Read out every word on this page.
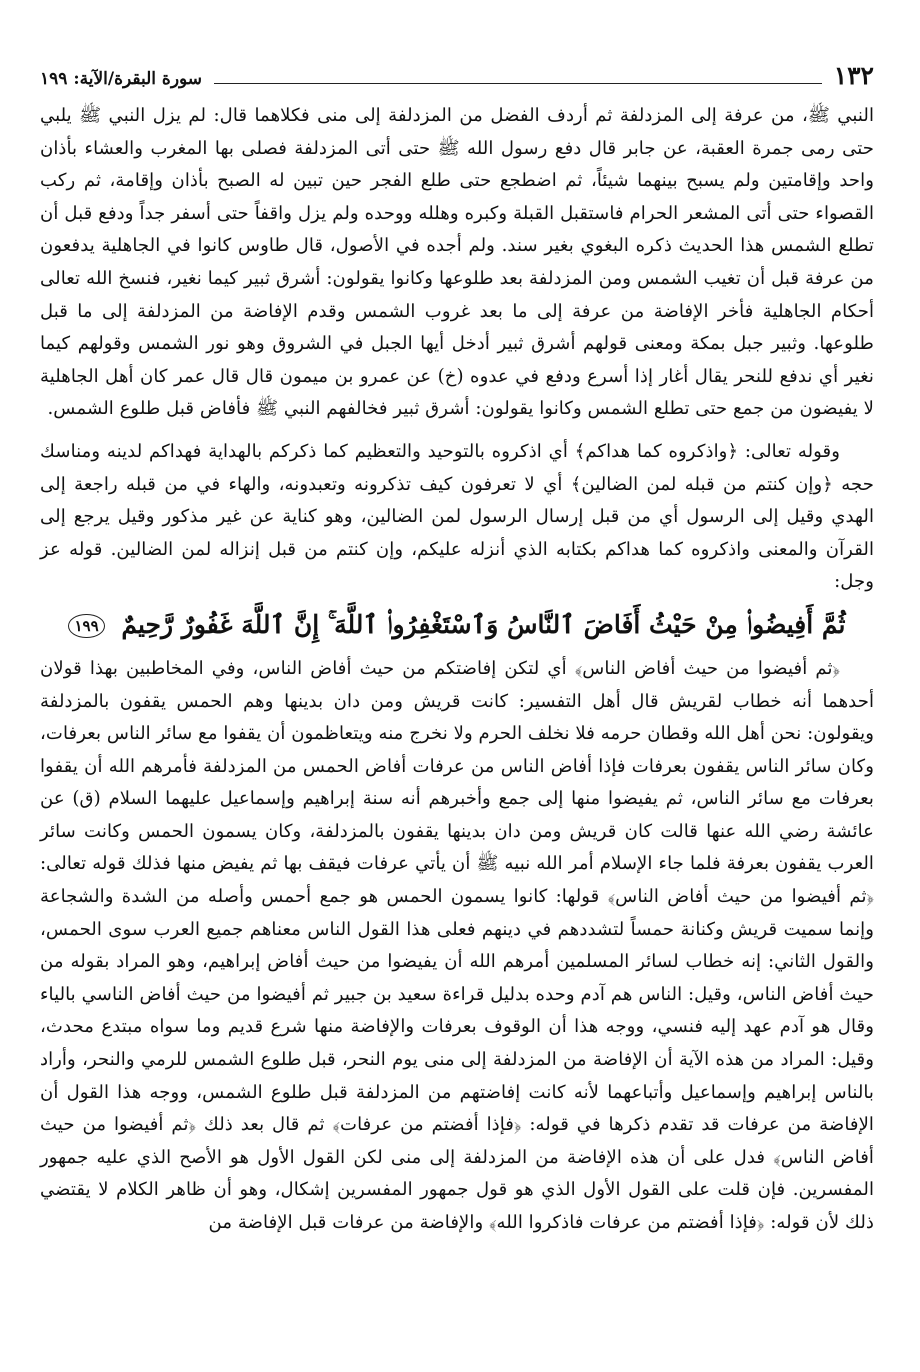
١٣٢
سورة البقرة/الآية: ١٩٩

النبي ﷺ، من عرفة إلى المزدلفة ثم أردف الفضل من المزدلفة إلى منى فكلاهما قال: لم يزل النبي ﷺ يلبي حتى رمى جمرة العقبة، عن جابر قال دفع رسول الله ﷺ حتى أتى المزدلفة فصلى بها المغرب والعشاء بأذان واحد وإقامتين ولم يسبح بينهما شيئاً، ثم اضطجع حتى طلع الفجر حين تبين له الصبح بأذان وإقامة، ثم ركب القصواء حتى أتى المشعر الحرام فاستقبل القبلة وكبره وهلله ووحده ولم يزل واقفاً حتى أسفر جداً ودفع قبل أن تطلع الشمس هذا الحديث ذكره البغوي بغير سند. ولم أجده في الأصول، قال طاوس كانوا في الجاهلية يدفعون من عرفة قبل أن تغيب الشمس ومن المزدلفة بعد طلوعها وكانوا يقولون: أشرق ثبير كيما نغير، فنسخ الله تعالى أحكام الجاهلية فأخر الإفاضة من عرفة إلى ما بعد غروب الشمس وقدم الإفاضة من المزدلفة إلى ما قبل طلوعها. وثبير جبل بمكة ومعنى قولهم أشرق ثبير أدخل أيها الجبل في الشروق وهو نور الشمس وقولهم كيما نغير أي ندفع للنحر يقال أغار إذا أسرع ودفع في عدوه (خ) عن عمرو بن ميمون قال قال عمر كان أهل الجاهلية لا يفيضون من جمع حتى تطلع الشمس وكانوا يقولون: أشرق ثبير فخالفهم النبي ﷺ فأفاض قبل طلوع الشمس.

وقوله تعالى: ﴿واذكروه كما هداكم﴾ أي اذكروه بالتوحيد والتعظيم كما ذكركم بالهداية فهداكم لدينه ومناسك حجه ﴿وإن كنتم من قبله لمن الضالين﴾ أي لا تعرفون كيف تذكرونه وتعبدونه، والهاء في من قبله راجعة إلى الهدي وقيل إلى الرسول أي من قبل إرسال الرسول لمن الضالين، وهو كناية عن غير مذكور وقيل يرجع إلى القرآن والمعنى واذكروه كما هداكم بكتابه الذي أنزله عليكم، وإن كنتم من قبل إنزاله لمن الضالين. قوله عز وجل:

ثُمَّ أَفِيضُوا۟ مِنْ حَيْثُ أَفَاضَ ٱلنَّاسُ وَٱسْتَغْفِرُوا۟ ٱللَّهَ ۚ إِنَّ ٱللَّهَ غَفُورٌ رَّحِيمٌ ١٩٩

﴿ثم أفيضوا من حيث أفاض الناس﴾ أي لتكن إفاضتكم من حيث أفاض الناس، وفي المخاطبين بهذا قولان أحدهما أنه خطاب لقريش قال أهل التفسير: كانت قريش ومن دان بدينها وهم الحمس يقفون بالمزدلفة ويقولون: نحن أهل الله وقطان حرمه فلا نخلف الحرم ولا نخرج منه ويتعاظمون أن يقفوا مع سائر الناس بعرفات، وكان سائر الناس يقفون بعرفات فإذا أفاض الناس من عرفات أفاض الحمس من المزدلفة فأمرهم الله أن يقفوا بعرفات مع سائر الناس، ثم يفيضوا منها إلى جمع وأخبرهم أنه سنة إبراهيم وإسماعيل عليهما السلام (ق) عن عائشة رضي الله عنها قالت كان قريش ومن دان بدينها يقفون بالمزدلفة، وكان يسمون الحمس وكانت سائر العرب يقفون بعرفة فلما جاء الإسلام أمر الله نبيه ﷺ أن يأتي عرفات فيقف بها ثم يفيض منها فذلك قوله تعالى: ﴿ثم أفيضوا من حيث أفاض الناس﴾ قولها: كانوا يسمون الحمس هو جمع أحمس وأصله من الشدة والشجاعة وإنما سميت قريش وكنانة حمساً لتشددهم في دينهم فعلى هذا القول الناس معناهم جميع العرب سوى الحمس، والقول الثاني: إنه خطاب لسائر المسلمين أمرهم الله أن يفيضوا من حيث أفاض إبراهيم، وهو المراد بقوله من حيث أفاض الناس، وقيل: الناس هم آدم وحده بدليل قراءة سعيد بن جبير ثم أفيضوا من حيث أفاض الناسي بالياء وقال هو آدم عهد إليه فنسي، ووجه هذا أن الوقوف بعرفات والإفاضة منها شرع قديم وما سواه مبتدع محدث، وقيل: المراد من هذه الآية أن الإفاضة من المزدلفة إلى منى يوم النحر، قبل طلوع الشمس للرمي والنحر، وأراد بالناس إبراهيم وإسماعيل وأتباعهما لأنه كانت إفاضتهم من المزدلفة قبل طلوع الشمس، ووجه هذا القول أن الإفاضة من عرفات قد تقدم ذكرها في قوله: ﴿فإذا أفضتم من عرفات﴾ ثم قال بعد ذلك ﴿ثم أفيضوا من حيث أفاض الناس﴾ فدل على أن هذه الإفاضة من المزدلفة إلى منى لكن القول الأول هو الأصح الذي عليه جمهور المفسرين. فإن قلت على القول الأول الذي هو قول جمهور المفسرين إشكال، وهو أن ظاهر الكلام لا يقتضي ذلك لأن قوله: ﴿فإذا أفضتم من عرفات فاذكروا الله﴾ والإفاضة من عرفات قبل الإفاضة من
